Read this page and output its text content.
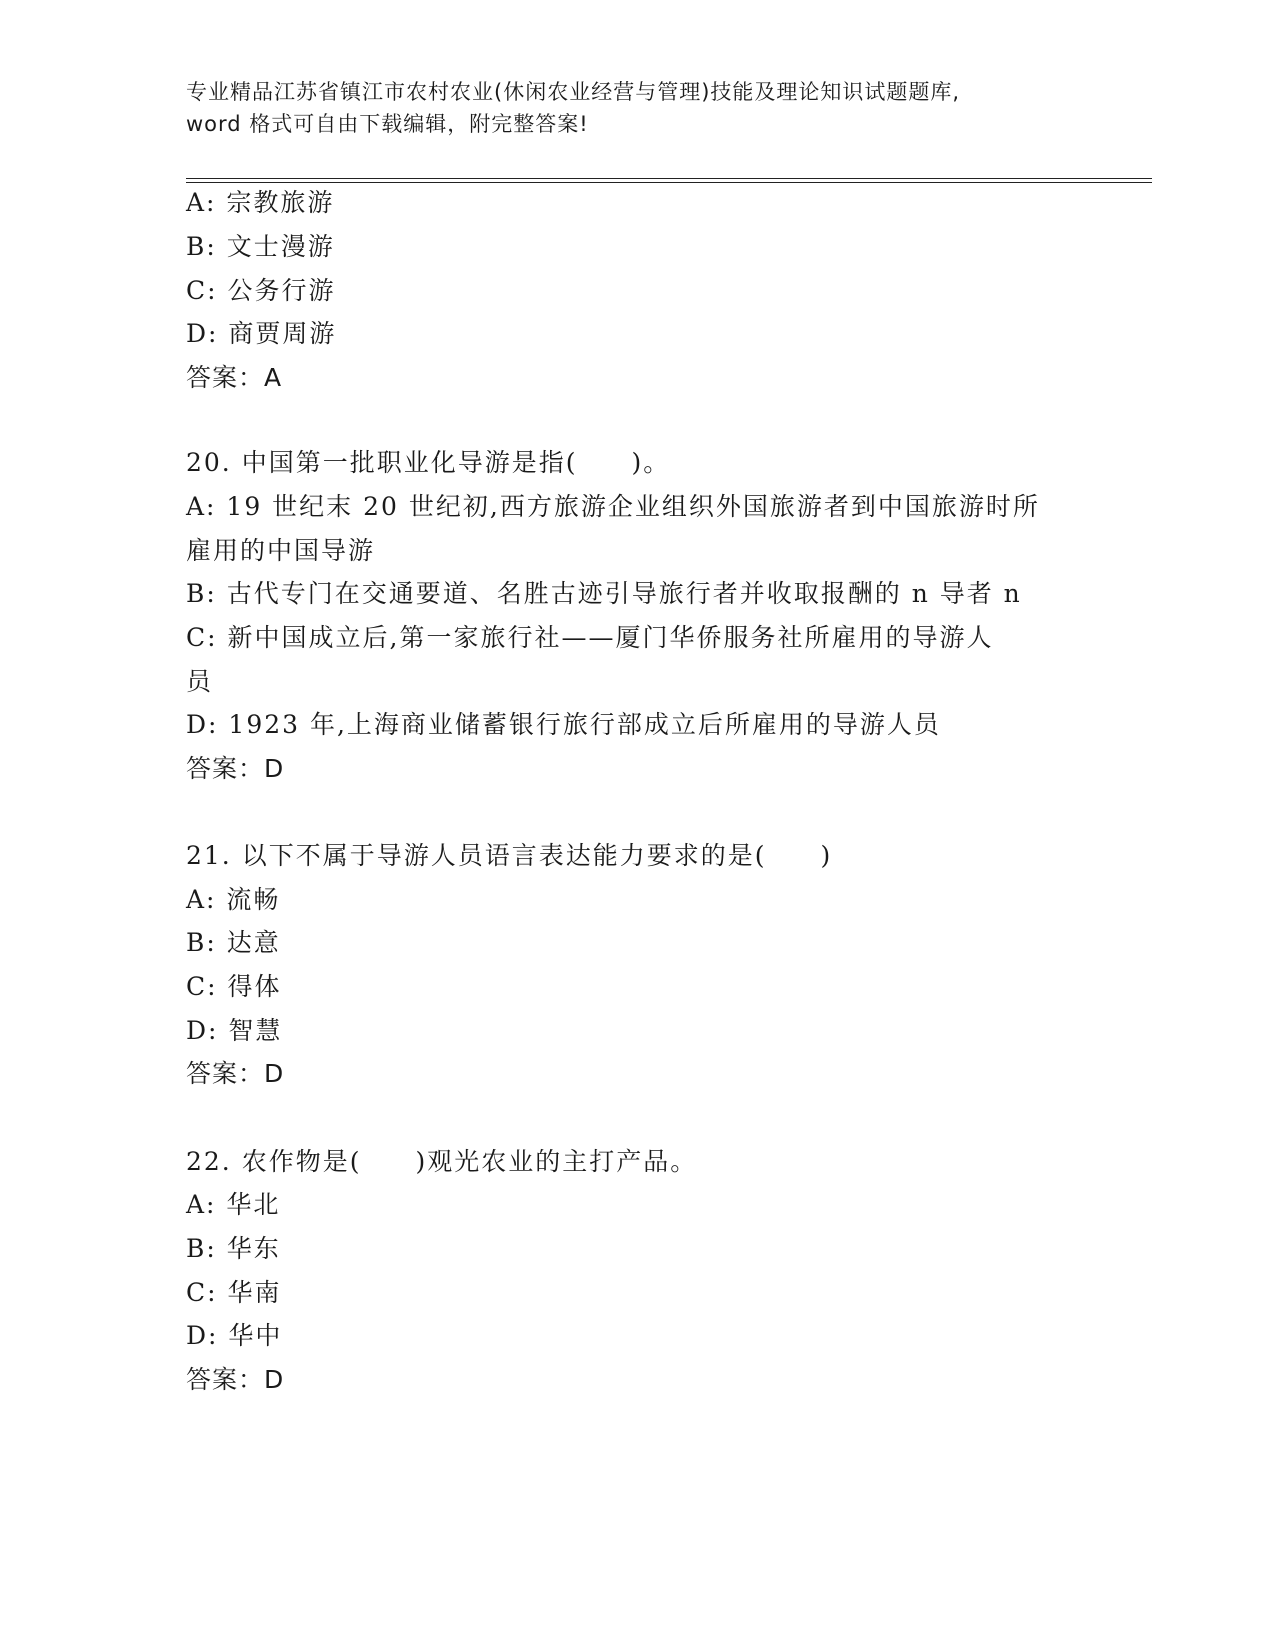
专业精品江苏省镇江市农村农业(休闲农业经营与管理)技能及理论知识试题题库,
word 格式可自由下载编辑，附完整答案!
A: 宗教旅游
B: 文士漫游
C: 公务行游
D: 商贾周游
答案：A
20. 中国第一批职业化导游是指(　　)。
A: 19 世纪末 20 世纪初,西方旅游企业组织外国旅游者到中国旅游时所
雇用的中国导游
B: 古代专门在交通要道、名胜古迹引导旅行者并收取报酬的 n 导者 n
C: 新中国成立后,第一家旅行社——厦门华侨服务社所雇用的导游人
员
D: 1923 年,上海商业储蓄银行旅行部成立后所雇用的导游人员
答案：D
21. 以下不属于导游人员语言表达能力要求的是(　　)
A: 流畅
B: 达意
C: 得体
D: 智慧
答案：D
22. 农作物是(　　)观光农业的主打产品。
A: 华北
B: 华东
C: 华南
D: 华中
答案：D
